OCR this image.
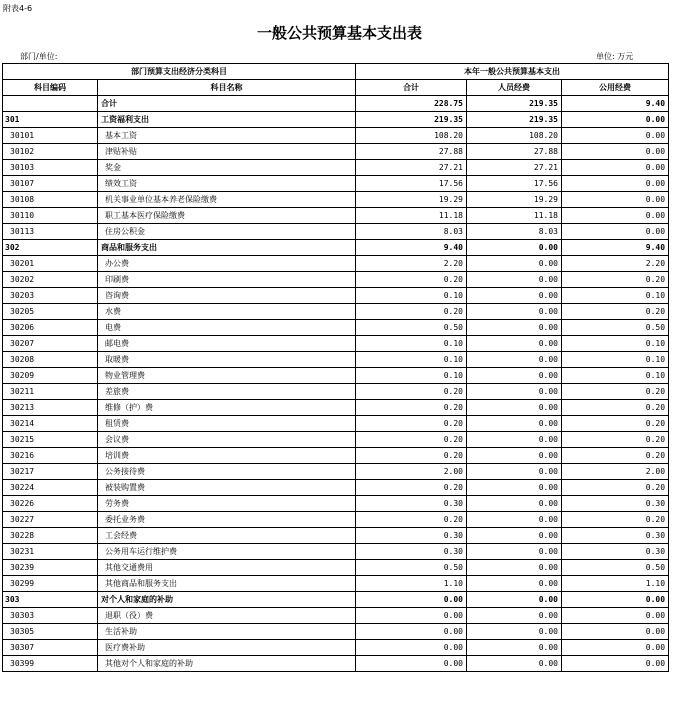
附表4-6
一般公共预算基本支出表
部门/单位:	单位: 万元
部门预算支出经济分类科目		本年一般公共预算基本支出		
科目编码	科目名称	合计	人员经费	公用经费
	合计	228.75	219.35	9.40
301	工资福利支出	219.35	219.35	0.00
30101	基本工资	108.20	108.20	0.00
30102	津贴补贴	27.88	27.88	0.00
30103	奖金	27.21	27.21	0.00
30107	绩效工资	17.56	17.56	0.00
30108	机关事业单位基本养老保险缴费	19.29	19.29	0.00
30110	职工基本医疗保险缴费	11.18	11.18	0.00
30113	住房公积金	8.03	8.03	0.00
302	商品和服务支出	9.40	0.00	9.40
30201	办公费	2.20	0.00	2.20
30202	印刷费	0.20	0.00	0.20
30203	咨询费	0.10	0.00	0.10
30205	水费	0.20	0.00	0.20
30206	电费	0.50	0.00	0.50
30207	邮电费	0.10	0.00	0.10
30208	取暖费	0.10	0.00	0.10
30209	物业管理费	0.10	0.00	0.10
30211	差旅费	0.20	0.00	0.20
30213	维修（护）费	0.20	0.00	0.20
30214	租赁费	0.20	0.00	0.20
30215	会议费	0.20	0.00	0.20
30216	培训费	0.20	0.00	0.20
30217	公务接待费	2.00	0.00	2.00
30224	被装购置费	0.20	0.00	0.20
30226	劳务费	0.30	0.00	0.30
30227	委托业务费	0.20	0.00	0.20
30228	工会经费	0.30	0.00	0.30
30231	公务用车运行维护费	0.30	0.00	0.30
30239	其他交通费用	0.50	0.00	0.50
30299	其他商品和服务支出	1.10	0.00	1.10
303	对个人和家庭的补助	0.00	0.00	0.00
30303	退职（役）费	0.00	0.00	0.00
30305	生活补助	0.00	0.00	0.00
30307	医疗费补助	0.00	0.00	0.00
30399	其他对个人和家庭的补助	0.00	0.00	0.00
